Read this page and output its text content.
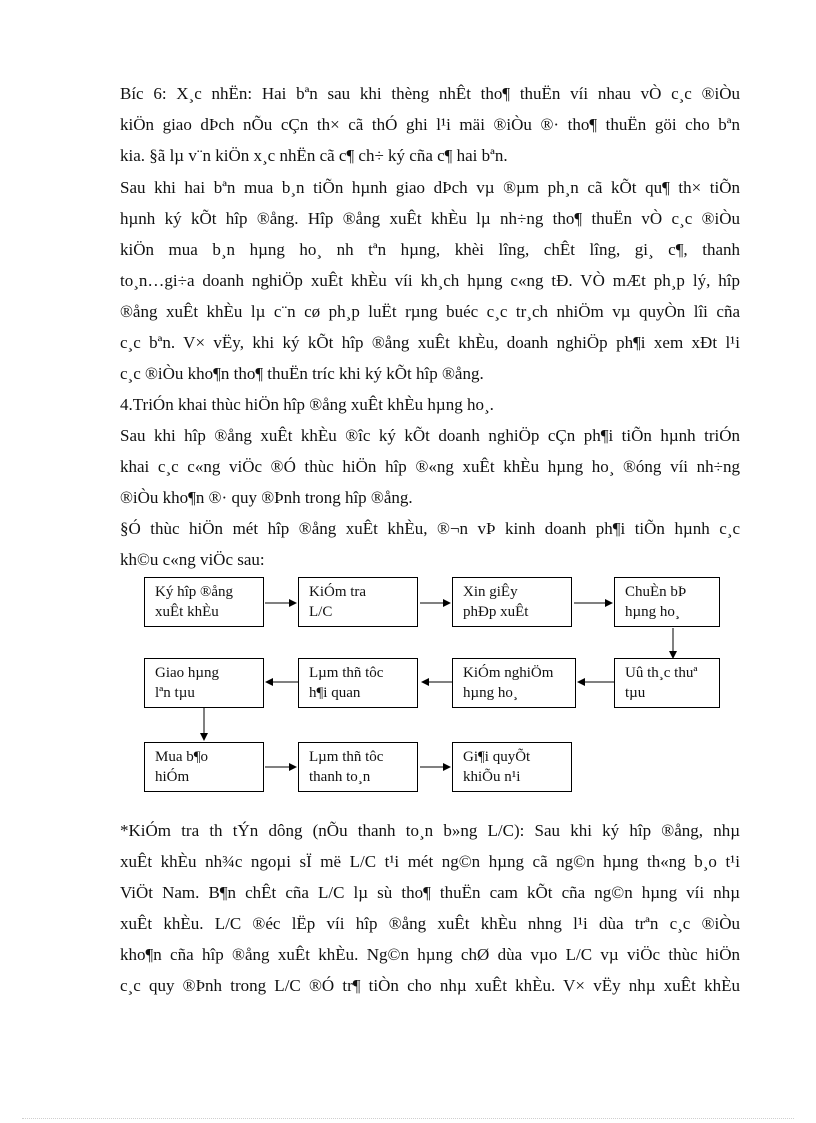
Bíc 6: X¸c nhËn: Hai bªn sau khi thèng nhÊt tho¶ thuËn víi nhau vÒ c¸c ®iÒu
kiÖn giao dÞch nÕu cÇn th× cã thÓ ghi l¹i mäi ®iÒu ®· tho¶ thuËn göi cho bªn
kia. §ã lµ v¨n kiÖn x¸c nhËn cã c¶ ch÷ ký cña c¶ hai bªn.
Sau khi hai bªn mua b¸n tiÕn hµnh giao dÞch vµ ®µm ph¸n cã kÕt qu¶ th× tiÕn
hµnh ký kÕt hîp ®ång. Hîp ®ång xuÊt khÈu lµ nh÷ng tho¶ thuËn vÒ c¸c ®iÒu
kiÖn mua b¸n hµng ho¸ nh tªn hµng, khèi lîng, chÊt lîng, gi¸ c¶, thanh
to¸n…gi÷a doanh nghiÖp xuÊt khÈu víi kh¸ch hµng c«ng tÐ. VÒ mÆt ph¸p lý, hîp
®ång xuÊt khÈu lµ c¨n cø ph¸p luËt rµng buéc c¸c tr¸ch nhiÖm vµ quyÒn lîi cña
c¸c bªn. V× vËy, khi ký kÕt hîp ®ång xuÊt khÈu, doanh nghiÖp ph¶i xem xÐt l¹i
c¸c ®iÒu kho¶n tho¶ thuËn tríc khi ký kÕt hîp ®ång.
4.TriÓn khai thùc hiÖn hîp ®ång xuÊt khÈu hµng ho¸.
Sau khi hîp ®ång xuÊt khÈu ®îc ký kÕt doanh nghiÖp cÇn ph¶i tiÕn hµnh triÓn
khai c¸c c«ng viÖc ®Ó thùc hiÖn hîp ®«ng xuÊt khÈu hµng ho¸ ®óng víi nh÷ng
®iÒu kho¶n ®· quy ®Þnh trong hîp ®ång.
§Ó thùc hiÖn mét hîp ®ång xuÊt khÈu, ®¬n vÞ kinh doanh ph¶i tiÕn hµnh c¸c
kh©u c«ng viÖc sau:
Ký hîp ®ång
xuÊt khÈu
KiÓm tra
L/C
Xin giÊy
phÐp xuÊt
ChuÈn bÞ
hµng ho¸
Giao hµng
lªn tµu
Lµm thñ tôc
h¶i quan
KiÓm nghiÖm
hµng ho¸
Uû th¸c thuª
tµu
Mua b¶o
hiÓm
Lµm thñ tôc
thanh to¸n
Gi¶i quyÕt
khiÕu n¹i
*KiÓm tra th tÝn dông (nÕu thanh to¸n b»ng L/C): Sau khi ký hîp ®ång, nhµ
xuÊt khÈu nh¾c ngoµi sÏ më L/C t¹i mét ng©n hµng cã ng©n hµng th«ng b¸o t¹i
ViÖt Nam. B¶n chÊt cña L/C lµ sù tho¶ thuËn cam kÕt cña ng©n hµng víi nhµ
xuÊt khÈu. L/C ®éc lËp víi hîp ®ång xuÊt khÈu nhng l¹i dùa trªn c¸c ®iÒu
kho¶n cña hîp ®ång xuÊt khÈu. Ng©n hµng chØ dùa vµo L/C vµ viÖc thùc hiÖn
c¸c quy ®Þnh trong L/C ®Ó tr¶ tiÒn cho nhµ xuÊt khÈu. V× vËy nhµ xuÊt khÈu
